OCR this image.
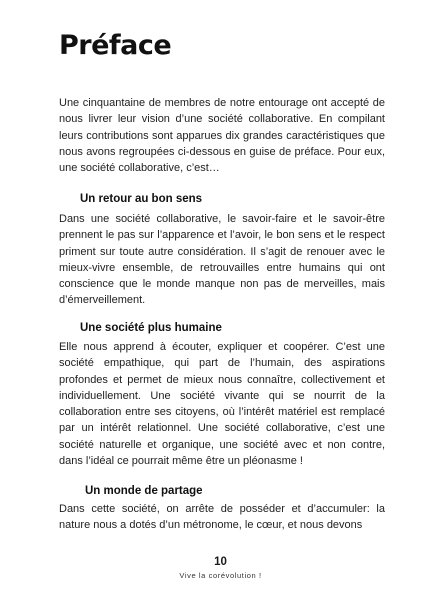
Préface

Une cinquantaine de membres de notre entourage ont accepté de nous livrer leur vision d’une société collaborative. En compilant leurs contributions sont apparues dix grandes caractéristiques que nous avons regroupées ci-dessous en guise de préface. Pour eux, une société collaborative, c’est…

Un retour au bon sens

Dans une société collaborative, le savoir-faire et le savoir-être prennent le pas sur l’apparence et l’avoir, le bon sens et le respect priment sur toute autre considération. Il s’agit de renouer avec le mieux-vivre ensemble, de retrouvailles entre humains qui ont conscience que le monde manque non pas de merveilles, mais d’émerveillement.

Une société plus humaine

Elle nous apprend à écouter, expliquer et coopérer. C’est une société empathique, qui part de l’humain, des aspirations profondes et permet de mieux nous connaître, collectivement et individuellement. Une société vivante qui se nourrit de la collaboration entre ses citoyens, où l’intérêt matériel est remplacé par un intérêt relationnel. Une société collaborative, c’est une société naturelle et organique, une société avec et non contre, dans l’idéal ce pourrait même être un pléonasme !

Un monde de partage

Dans cette société, on arrête de posséder et d’accumuler: la nature nous a dotés d’un métronome, le cœur, et nous devons

10
Vive la corévolution !
